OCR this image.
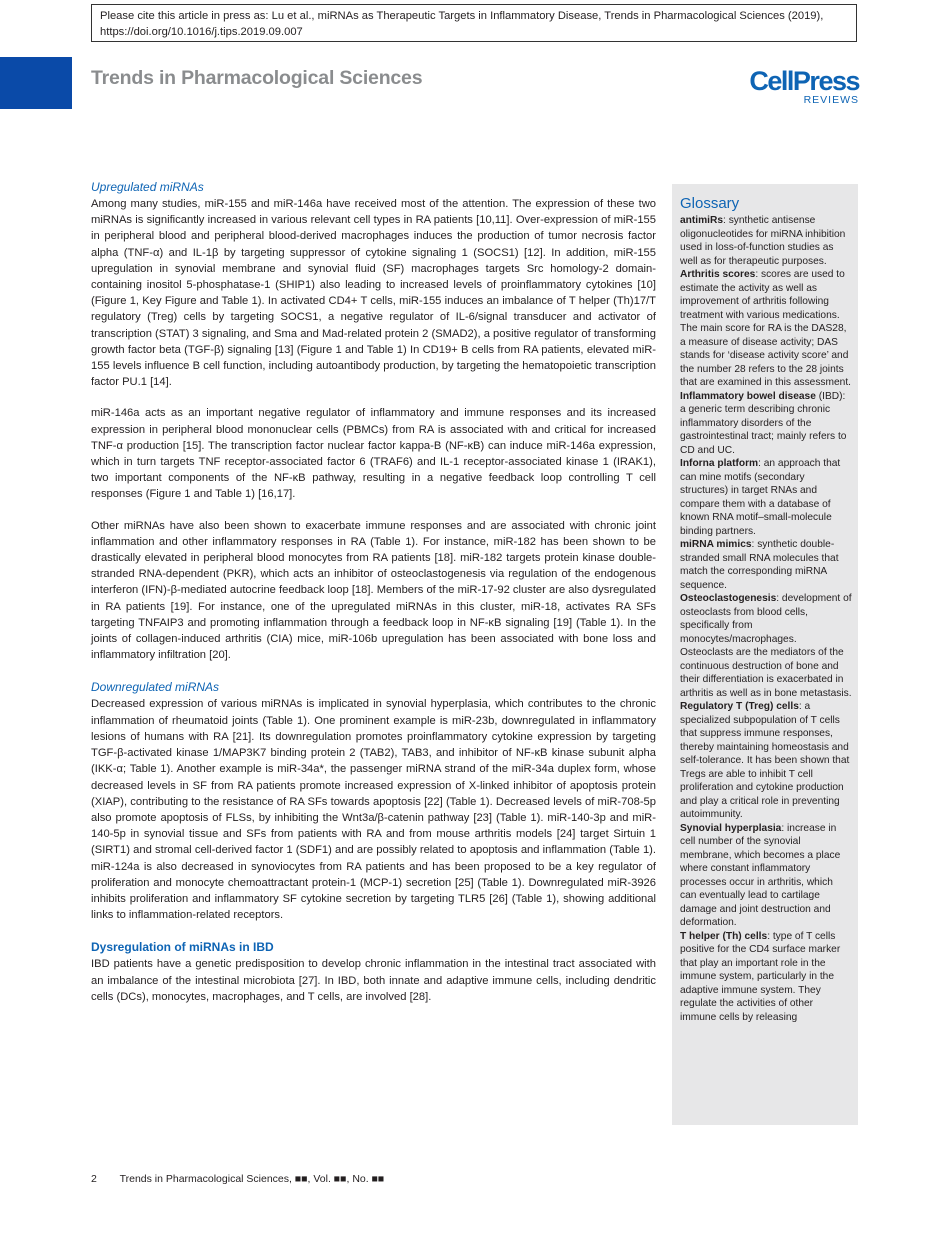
Please cite this article in press as: Lu et al., miRNAs as Therapeutic Targets in Inflammatory Disease, Trends in Pharmacological Sciences (2019), https://doi.org/10.1016/j.tips.2019.09.007
Trends in Pharmacological Sciences	CellPress
REVIEWS
Upregulated miRNAs

Among many studies, miR-155 and miR-146a have received most of the attention. The expression of these two miRNAs is significantly increased in various relevant cell types in RA patients [10,11]. Over-expression of miR-155 in peripheral blood and peripheral blood-derived macrophages induces the production of tumor necrosis factor alpha (TNF-α) and IL-1β by targeting suppressor of cytokine signaling 1 (SOCS1) [12]. In addition, miR-155 upregulation in synovial membrane and synovial fluid (SF) macrophages targets Src homology-2 domain-containing inositol 5-phosphatase-1 (SHIP1) also leading to increased levels of proinflammatory cytokines [10] (Figure 1, Key Figure and Table 1). In activated CD4+ T cells, miR-155 induces an imbalance of T helper (Th)17/T regulatory (Treg) cells by targeting SOCS1, a negative regulator of IL-6/signal transducer and activator of transcription (STAT) 3 signaling, and Sma and Mad-related protein 2 (SMAD2), a positive regulator of transforming growth factor beta (TGF-β) signaling [13] (Figure 1 and Table 1) In CD19+ B cells from RA patients, elevated miR-155 levels influence B cell function, including autoantibody production, by targeting the hematopoietic transcription factor PU.1 [14].

miR-146a acts as an important negative regulator of inflammatory and immune responses and its increased expression in peripheral blood mononuclear cells (PBMCs) from RA is associated with and critical for increased TNF-α production [15]. The transcription factor nuclear factor kappa-B (NF-κB) can induce miR-146a expression, which in turn targets TNF receptor-associated factor 6 (TRAF6) and IL-1 receptor-associated kinase 1 (IRAK1), two important components of the NF-κB pathway, resulting in a negative feedback loop controlling T cell responses (Figure 1 and Table 1) [16,17].

Other miRNAs have also been shown to exacerbate immune responses and are associated with chronic joint inflammation and other inflammatory responses in RA (Table 1). For instance, miR-182 has been shown to be drastically elevated in peripheral blood monocytes from RA patients [18]. miR-182 targets protein kinase double-stranded RNA-dependent (PKR), which acts an inhibitor of osteoclastogenesis via regulation of the endogenous interferon (IFN)-β-mediated autocrine feedback loop [18]. Members of the miR-17-92 cluster are also dysregulated in RA patients [19]. For instance, one of the upregulated miRNAs in this cluster, miR-18, activates RA SFs targeting TNFAIP3 and promoting inflammation through a feedback loop in NF-κB signaling [19] (Table 1). In the joints of collagen-induced arthritis (CIA) mice, miR-106b upregulation has been associated with bone loss and inflammatory infiltration [20].

Downregulated miRNAs

Decreased expression of various miRNAs is implicated in synovial hyperplasia, which contributes to the chronic inflammation of rheumatoid joints (Table 1). One prominent example is miR-23b, downregulated in inflammatory lesions of humans with RA [21]. Its downregulation promotes proinflammatory cytokine expression by targeting TGF-β-activated kinase 1/MAP3K7 binding protein 2 (TAB2), TAB3, and inhibitor of NF-κB kinase subunit alpha (IKK-α; Table 1). Another example is miR-34a*, the passenger miRNA strand of the miR-34a duplex form, whose decreased levels in SF from RA patients promote increased expression of X-linked inhibitor of apoptosis protein (XIAP), contributing to the resistance of RA SFs towards apoptosis [22] (Table 1). Decreased levels of miR-708-5p also promote apoptosis of FLSs, by inhibiting the Wnt3a/β-catenin pathway [23] (Table 1). miR-140-3p and miR-140-5p in synovial tissue and SFs from patients with RA and from mouse arthritis models [24] target Sirtuin 1 (SIRT1) and stromal cell-derived factor 1 (SDF1) and are possibly related to apoptosis and inflammation (Table 1). miR-124a is also decreased in synoviocytes from RA patients and has been proposed to be a key regulator of proliferation and monocyte chemoattractant protein-1 (MCP-1) secretion [25] (Table 1). Downregulated miR-3926 inhibits proliferation and inflammatory SF cytokine secretion by targeting TLR5 [26] (Table 1), showing additional links to inflammation-related receptors.

Dysregulation of miRNAs in IBD

IBD patients have a genetic predisposition to develop chronic inflammation in the intestinal tract associated with an imbalance of the intestinal microbiota [27]. In IBD, both innate and adaptive immune cells, including dendritic cells (DCs), monocytes, macrophages, and T cells, are involved [28].

Glossary

antimiRs: synthetic antisense oligonucleotides for miRNA inhibition used in loss-of-function studies as well as for therapeutic purposes.

Arthritis scores: scores are used to estimate the activity as well as improvement of arthritis following treatment with various medications. The main score for RA is the DAS28, a measure of disease activity; DAS stands for ‘disease activity score’ and the number 28 refers to the 28 joints that are examined in this assessment.

Inflammatory bowel disease (IBD): a generic term describing chronic inflammatory disorders of the gastrointestinal tract; mainly refers to CD and UC.

Inforna platform: an approach that can mine motifs (secondary structures) in target RNAs and compare them with a database of known RNA motif–small-molecule binding partners.

miRNA mimics: synthetic double-stranded small RNA molecules that match the corresponding miRNA sequence.

Osteoclastogenesis: development of osteoclasts from blood cells, specifically from monocytes/macrophages. Osteoclasts are the mediators of the continuous destruction of bone and their differentiation is exacerbated in arthritis as well as in bone metastasis.

Regulatory T (Treg) cells: a specialized subpopulation of T cells that suppress immune responses, thereby maintaining homeostasis and self-tolerance. It has been shown that Tregs are able to inhibit T cell proliferation and cytokine production and play a critical role in preventing autoimmunity.

Synovial hyperplasia: increase in cell number of the synovial membrane, which becomes a place where constant inflammatory processes occur in arthritis, which can eventually lead to cartilage damage and joint destruction and deformation.

T helper (Th) cells: type of T cells positive for the CD4 surface marker that play an important role in the immune system, particularly in the adaptive immune system. They regulate the activities of other immune cells by releasing

2 Trends in Pharmacological Sciences, ■■, Vol. ■■, No. ■■
